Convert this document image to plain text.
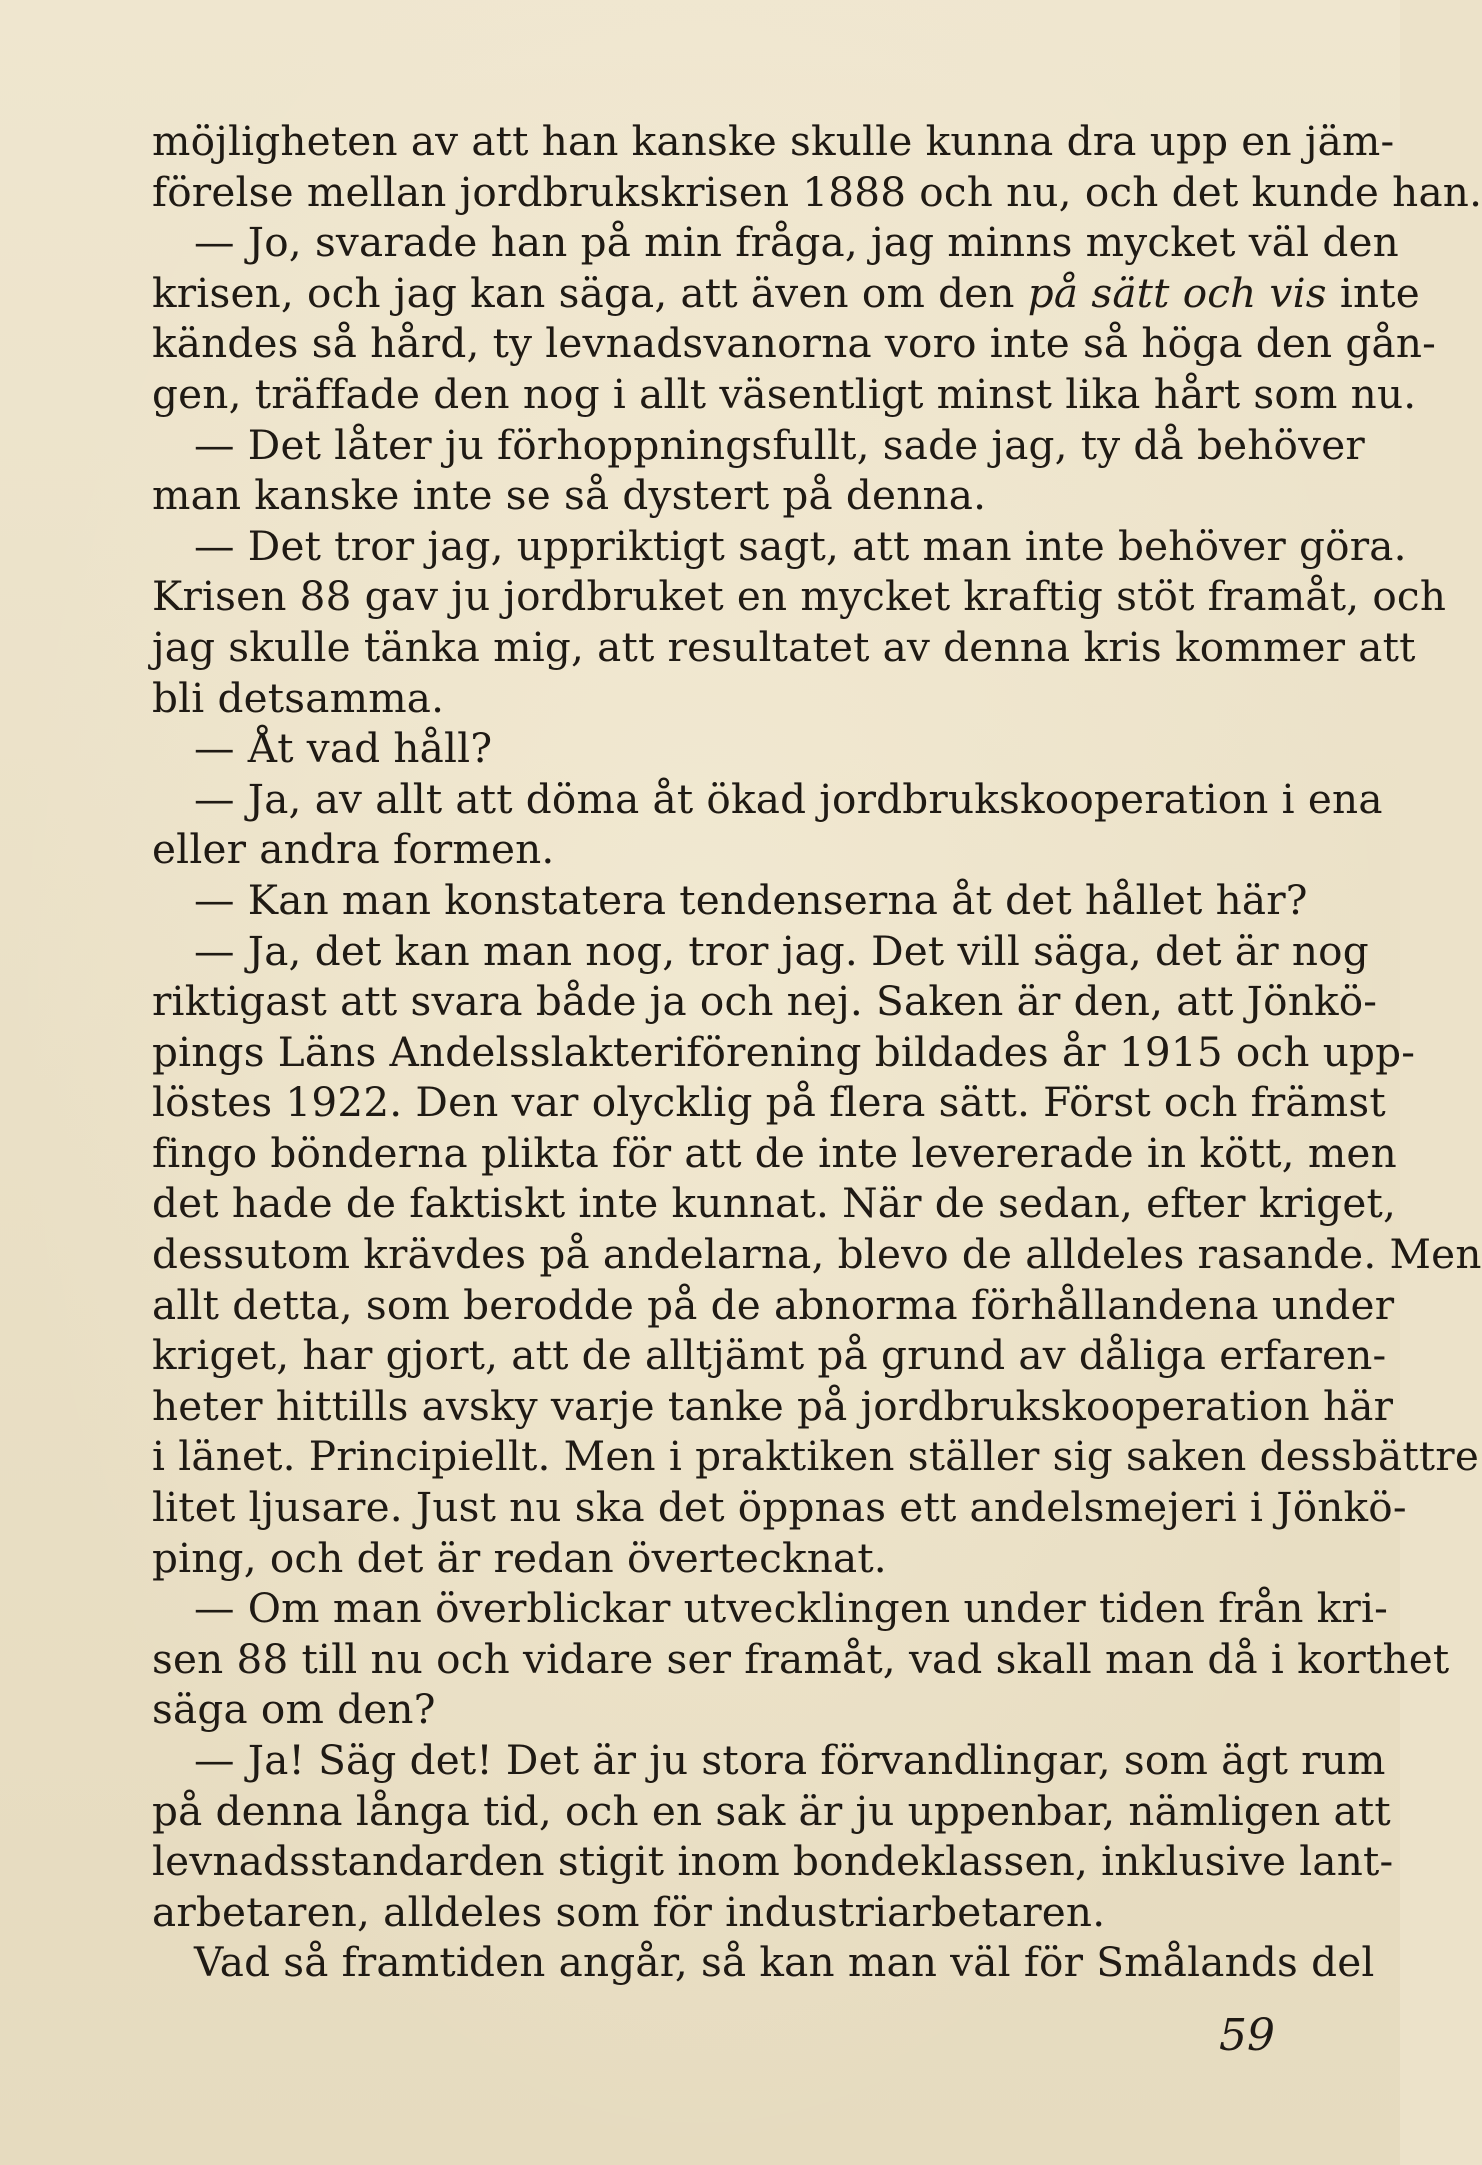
möjligheten av att han kanske skulle kunna dra upp en jäm-
förelse mellan jordbrukskrisen 1888 och nu, och det kunde han.
— Jo, svarade han på min fråga, jag minns mycket väl den
krisen, och jag kan säga, att även om den på sätt och vis inte
kändes så hård, ty levnadsvanorna voro inte så höga den gån-
gen, träffade den nog i allt väsentligt minst lika hårt som nu.
— Det låter ju förhoppningsfullt, sade jag, ty då behöver
man kanske inte se så dystert på denna.
— Det tror jag, uppriktigt sagt, att man inte behöver göra.
Krisen 88 gav ju jordbruket en mycket kraftig stöt framåt, och
jag skulle tänka mig, att resultatet av denna kris kommer att
bli detsamma.
— Åt vad håll?
— Ja, av allt att döma åt ökad jordbrukskooperation i ena
eller andra formen.
— Kan man konstatera tendenserna åt det hållet här?
— Ja, det kan man nog, tror jag. Det vill säga, det är nog
riktigast att svara både ja och nej. Saken är den, att Jönkö-
pings Läns Andelsslakteriförening bildades år 1915 och upp-
löstes 1922. Den var olycklig på flera sätt. Först och främst
fingo bönderna plikta för att de inte levererade in kött, men
det hade de faktiskt inte kunnat. När de sedan, efter kriget,
dessutom krävdes på andelarna, blevo de alldeles rasande. Men
allt detta, som berodde på de abnorma förhållandena under
kriget, har gjort, att de alltjämt på grund av dåliga erfaren-
heter hittills avsky varje tanke på jordbrukskooperation här
i länet. Principiellt. Men i praktiken ställer sig saken dessbättre
litet ljusare. Just nu ska det öppnas ett andelsmejeri i Jönkö-
ping, och det är redan övertecknat.
— Om man överblickar utvecklingen under tiden från kri-
sen 88 till nu och vidare ser framåt, vad skall man då i korthet
säga om den?
— Ja! Säg det! Det är ju stora förvandlingar, som ägt rum
på denna långa tid, och en sak är ju uppenbar, nämligen att
levnadsstandarden stigit inom bondeklassen, inklusive lant-
arbetaren, alldeles som för industriarbetaren.
Vad så framtiden angår, så kan man väl för Smålands del
59
